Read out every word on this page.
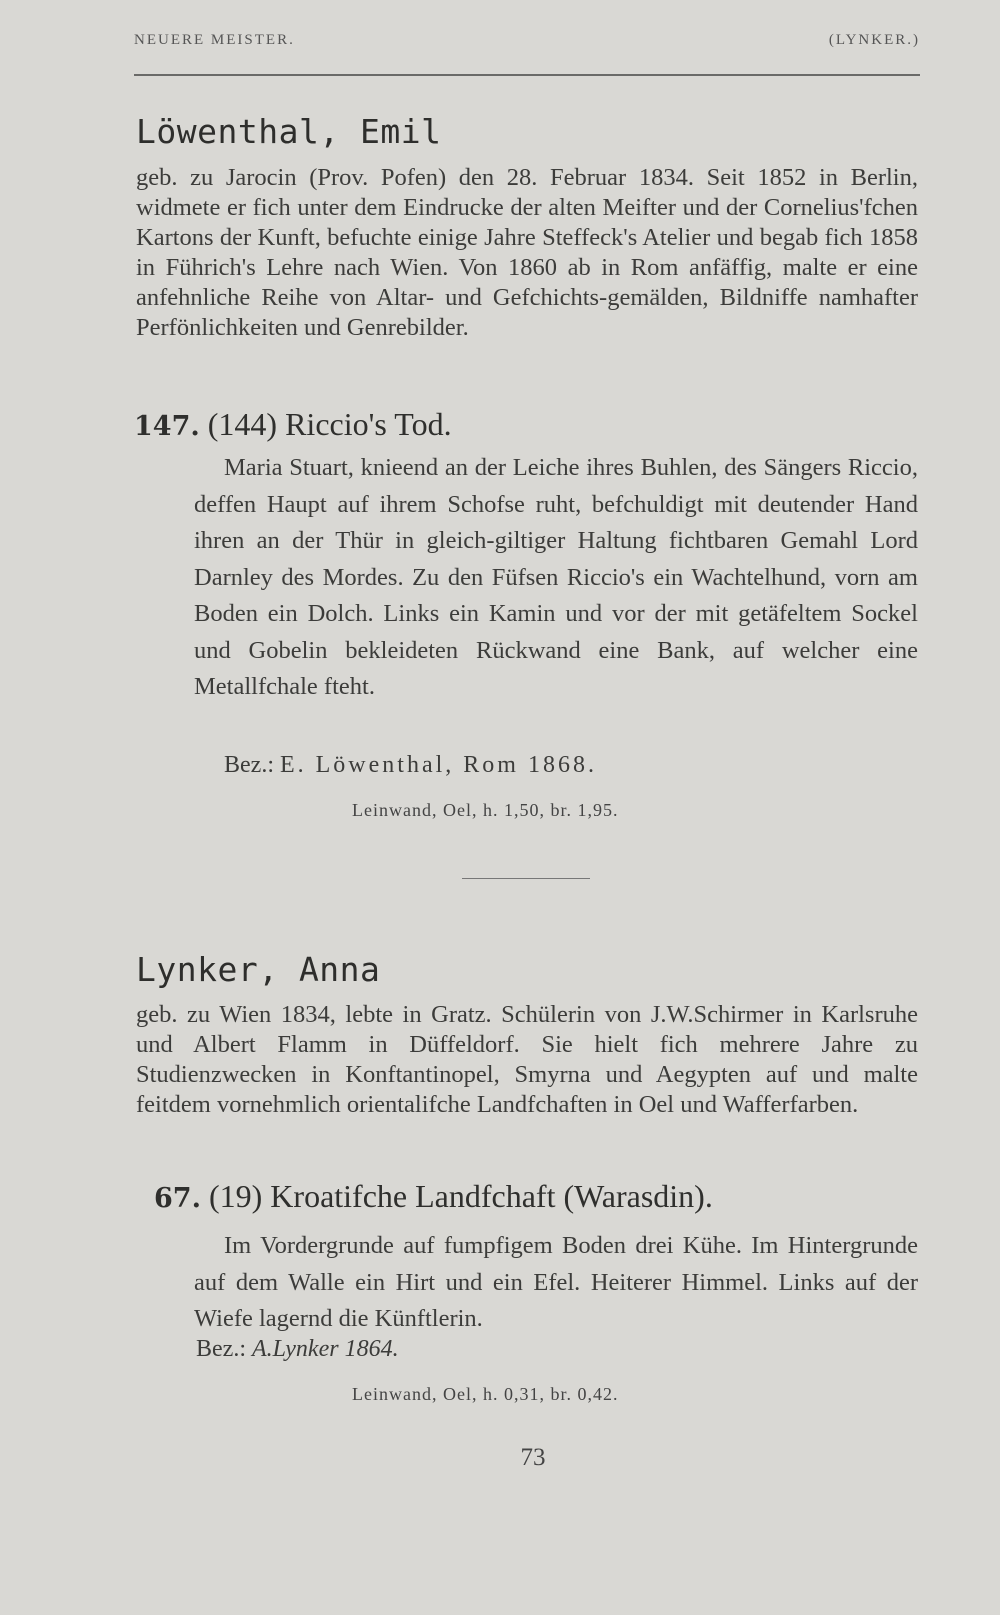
NEUERE MEISTER.	(LYNKER.)
Löwenthal, Emil
geb. zu Jarocin (Prov. Pofen) den 28. Februar 1834. Seit 1852 in Berlin, widmete er fich unter dem Eindrucke der alten Meifter und der Cornelius'fchen Kartons der Kunft, befuchte einige Jahre Steffeck's Atelier und begab fich 1858 in Führich's Lehre nach Wien. Von 1860 ab in Rom anfäffig, malte er eine anfehnliche Reihe von Altar- und Gefchichts-gemälden, Bildniffe namhafter Perfönlichkeiten und Genrebilder.
147. (144) Riccio's Tod.
Maria Stuart, knieend an der Leiche ihres Buhlen, des Sängers Riccio, deffen Haupt auf ihrem Schofse ruht, befchuldigt mit deutender Hand ihren an der Thür in gleich-giltiger Haltung fichtbaren Gemahl Lord Darnley des Mordes. Zu den Füfsen Riccio's ein Wachtelhund, vorn am Boden ein Dolch. Links ein Kamin und vor der mit getäfeltem Sockel und Gobelin bekleideten Rückwand eine Bank, auf welcher eine Metallfchale fteht.
Bez.: E. Löwenthal, Rom 1868.
Leinwand, Oel, h. 1,50, br. 1,95.
Lynker, Anna
geb. zu Wien 1834, lebte in Gratz. Schülerin von J.W.Schirmer in Karlsruhe und Albert Flamm in Düffeldorf. Sie hielt fich mehrere Jahre zu Studienzwecken in Konftantinopel, Smyrna und Aegypten auf und malte feitdem vornehmlich orientalifche Landfchaften in Oel und Wafferfarben.
67. (19) Kroatifche Landfchaft (Warasdin).
Im Vordergrunde auf fumpfigem Boden drei Kühe. Im Hintergrunde auf dem Walle ein Hirt und ein Efel. Heiterer Himmel. Links auf der Wiefe lagernd die Künftlerin.
Bez.: A.Lynker 1864.
Leinwand, Oel, h. 0,31, br. 0,42.
73
